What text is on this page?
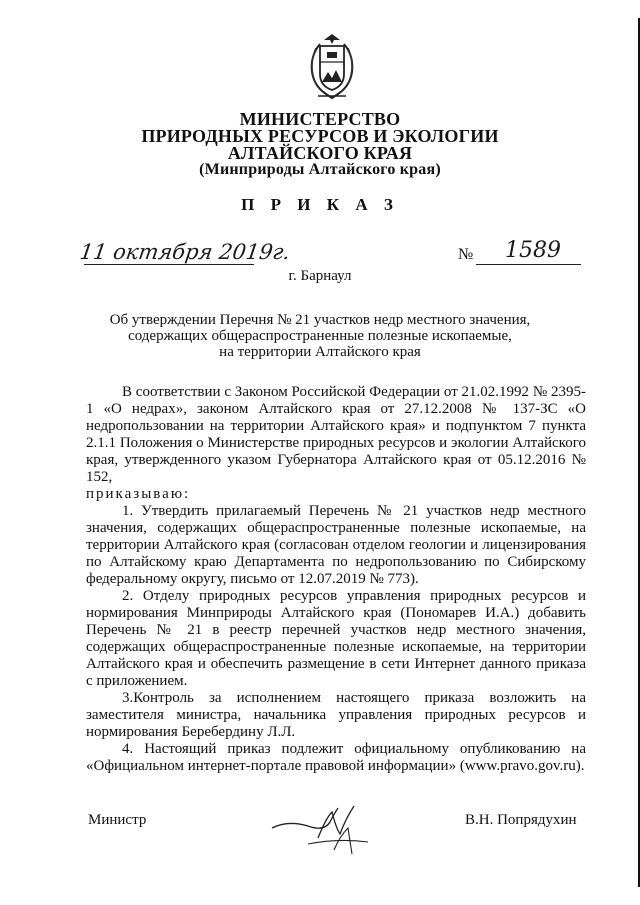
МИНИСТЕРСТВО
ПРИРОДНЫХ РЕСУРСОВ И ЭКОЛОГИИ
АЛТАЙСКОГО КРАЯ
(Минприроды Алтайского края)
П Р И К А З
11 октября 2019г.	№ 1589
г. Барнаул
Об утверждении Перечня № 21 участков недр местного значения,
содержащих общераспространенные полезные ископаемые,
на территории Алтайского края

В соответствии с Законом Российской Федерации от 21.02.1992 № 2395-1 «О недрах», законом Алтайского края от 27.12.2008 № 137-ЗС «О недропользовании на территории Алтайского края» и подпунктом 7 пункта 2.1.1 Положения о Министерстве природных ресурсов и экологии Алтайского края, утвержденного указом Губернатора Алтайского края от 05.12.2016 № 152,

приказываю:

1. Утвердить прилагаемый Перечень № 21 участков недр местного значения, содержащих общераспространенные полезные ископаемые, на территории Алтайского края (согласован отделом геологии и лицензирования по Алтайскому краю Департамента по недропользованию по Сибирскому федеральному округу, письмо от 12.07.2019 № 773).

2. Отделу природных ресурсов управления природных ресурсов и нормирования Минприроды Алтайского края (Пономарев И.А.) добавить Перечень № 21 в реестр перечней участков недр местного значения, содержащих общераспространенные полезные ископаемые, на территории Алтайского края и обеспечить размещение в сети Интернет данного приказа с приложением.

3.Контроль за исполнением настоящего приказа возложить на заместителя министра, начальника управления природных ресурсов и нормирования Беребердину Л.Л.

4. Настоящий приказ подлежит официальному опубликованию на «Официальном интернет-портале правовой информации» (www.pravo.gov.ru).

Министр	В.Н. Попрядухин
